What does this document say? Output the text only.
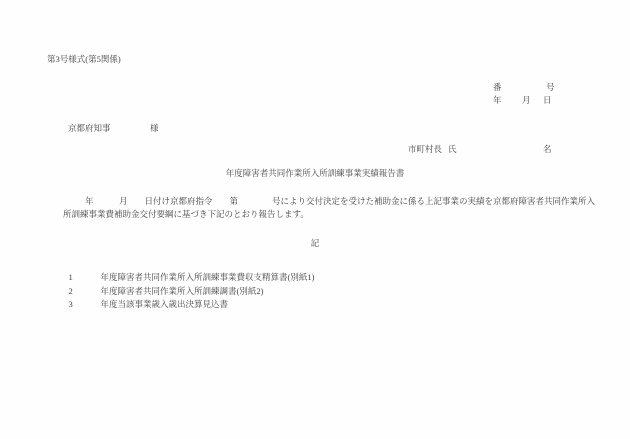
第3号様式(第5関係)
番	号
年 月 日
京都府知事	様
市町村長 氏	名
年度障害者共同作業所入所訓練事業実績報告書
年　　　月　　日付け京都府指令　　第　　　　号により交付決定を受けた補助金に係る上記事業の実績を京都府障害者共同作業所入
所訓練事業費補助金交付要綱に基づき下記のとおり報告します。
記

1	年度障害者共同作業所入所訓練事業費収支精算書(別紙1)

2	年度障害者共同作業所入所訓練調書(別紙2)

3	年度当該事業歳入歳出決算見込書
